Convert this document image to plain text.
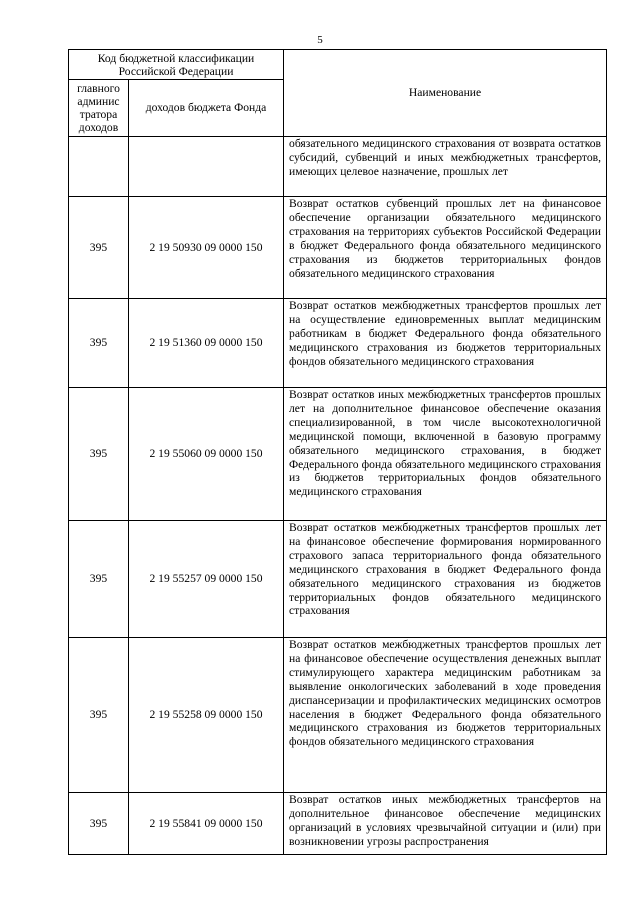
5
Код бюджетной классификации Российской Федерации		Наименование
главного админис тратора доходов	доходов бюджета Фонда	
		обязательного медицинского страхования от возврата остатков субсидий, субвенций и иных межбюджетных трансфертов, имеющих целевое назначение, прошлых лет
395	2 19 50930 09 0000 150	Возврат остатков субвенций прошлых лет на финансовое обеспечение организации обязательного медицинского страхования на территориях субъектов Российской Федерации в бюджет Федерального фонда обязательного медицинского страхования из бюджетов территориальных фондов обязательного медицинского страхования
395	2 19 51360 09 0000 150	Возврат остатков межбюджетных трансфертов прошлых лет на осуществление единовременных выплат медицинским работникам в бюджет Федерального фонда обязательного медицинского страхования из бюджетов территориальных фондов обязательного медицинского страхования
395	2 19 55060 09 0000 150	Возврат остатков иных межбюджетных трансфертов прошлых лет на дополнительное финансовое обеспечение оказания специализированной, в том числе высокотехнологичной медицинской помощи, включенной в базовую программу обязательного медицинского страхования, в бюджет Федерального фонда обязательного медицинского страхования из бюджетов территориальных фондов обязательного медицинского страхования
395	2 19 55257 09 0000 150	Возврат остатков межбюджетных трансфертов прошлых лет на финансовое обеспечение формирования нормированного страхового запаса территориального фонда обязательного медицинского страхования в бюджет Федерального фонда обязательного медицинского страхования из бюджетов территориальных фондов обязательного медицинского страхования
395	2 19 55258 09 0000 150	Возврат остатков межбюджетных трансфертов прошлых лет на финансовое обеспечение осуществления денежных выплат стимулирующего характера медицинским работникам за выявление онкологических заболеваний в ходе проведения диспансеризации и профилактических медицинских осмотров населения в бюджет Федерального фонда обязательного медицинского страхования из бюджетов территориальных фондов обязательного медицинского страхования
395	2 19 55841 09 0000 150	Возврат остатков иных межбюджетных трансфертов на дополнительное финансовое обеспечение медицинских организаций в условиях чрезвычайной ситуации и (или) при возникновении угрозы распространения
